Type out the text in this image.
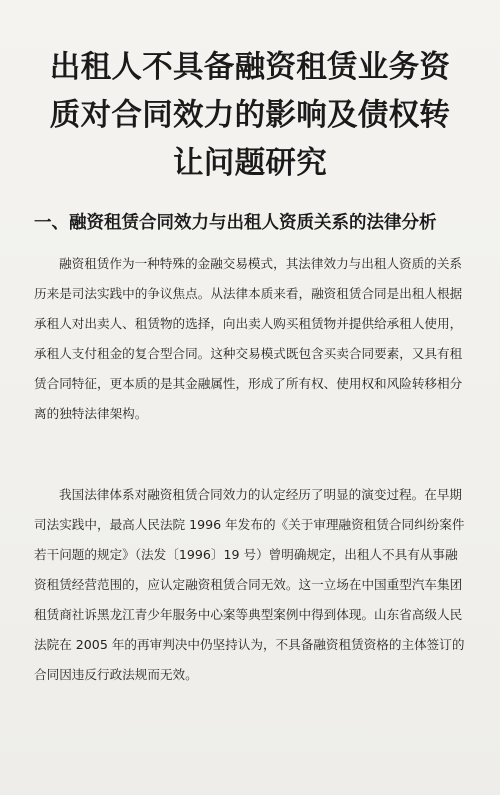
出租人不具备融资租赁业务资
质对合同效力的影响及债权转
让问题研究
一、融资租赁合同效力与出租人资质关系的法律分析
融资租赁作为一种特殊的金融交易模式，其法律效力与出租人资质的关系
历来是司法实践中的争议焦点。从法律本质来看，融资租赁合同是出租人根据
承租人对出卖人、租赁物的选择，向出卖人购买租赁物并提供给承租人使用，
承租人支付租金的复合型合同。这种交易模式既包含买卖合同要素，又具有租
赁合同特征，更本质的是其金融属性，形成了所有权、使用权和风险转移相分
离的独特法律架构。
我国法律体系对融资租赁合同效力的认定经历了明显的演变过程。在早期
司法实践中，最高人民法院 1996 年发布的《关于审理融资租赁合同纠纷案件
若干问题的规定》（法发〔1996〕19 号）曾明确规定，出租人不具有从事融
资租赁经营范围的，应认定融资租赁合同无效。这一立场在中国重型汽车集团
租赁商社诉黑龙江青少年服务中心案等典型案例中得到体现。山东省高级人民
法院在 2005 年的再审判决中仍坚持认为，不具备融资租赁资格的主体签订的
合同因违反行政法规而无效。
